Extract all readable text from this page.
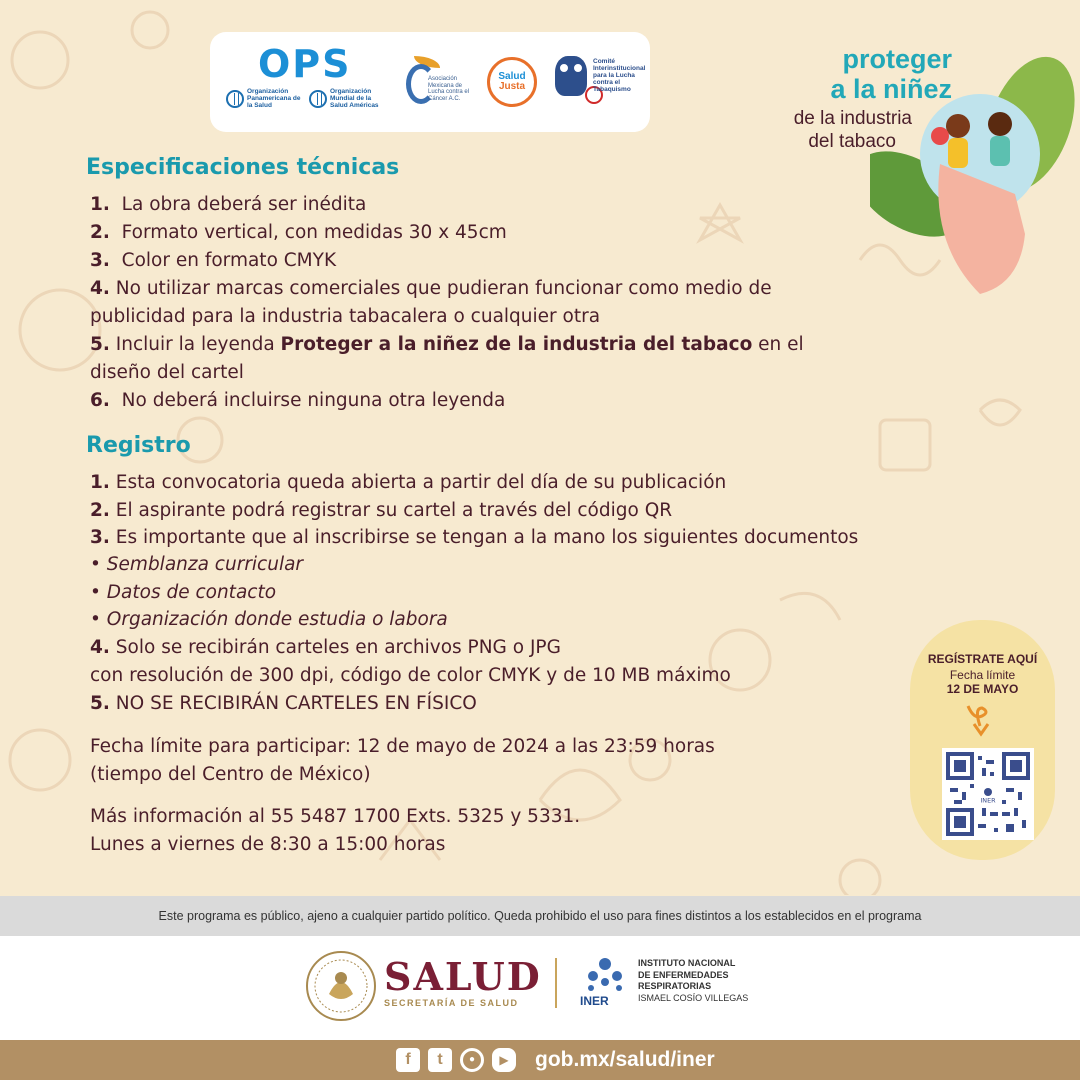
OPS
Organización Panamericana de la Salud
Organización Mundial de la Salud Américas
Asociación Mexicana de Lucha contra el Cáncer A.C.
Salud
Justa
Comité Interinstitucional para la Lucha contra el Tabaquismo
proteger
a la niñez
de la industria
del tabaco
Especificaciones técnicas
1. La obra deberá ser inédita
2. Formato vertical, con medidas 30 x 45cm
3. Color en formato CMYK
4. No utilizar marcas comerciales que pudieran funcionar como medio de
publicidad para la industria tabacalera o cualquier otra
5. Incluir la leyenda Proteger a la niñez de la industria del tabaco en el
diseño del cartel
6. No deberá incluirse ninguna otra leyenda
Registro
1. Esta convocatoria queda abierta a partir del día de su publicación
2. El aspirante podrá registrar su cartel a través del código QR
3. Es importante que al inscribirse se tengan a la mano los siguientes documentos
• Semblanza curricular
• Datos de contacto
• Organización donde estudia o labora
4. Solo se recibirán carteles en archivos PNG o JPG
con resolución de 300 dpi, código de color CMYK y de 10 MB máximo
5. NO SE RECIBIRÁN CARTELES EN FÍSICO
Fecha límite para participar: 12 de mayo de 2024 a las 23:59 horas
(tiempo del Centro de México)
Más información al 55 5487 1700 Exts. 5325 y 5331.
Lunes a viernes de 8:30 a 15:00 horas
REGÍSTRATE AQUÍ
Fecha límite
12 DE MAYO
INER
Este programa es público, ajeno a cualquier partido político. Queda prohibido el uso para fines distintos a los establecidos en el programa
SALUD
SECRETARÍA DE SALUD	INER
INSTITUTO NACIONAL
DE ENFERMEDADES
RESPIRATORIAS
ISMAEL COSÍO VILLEGAS
f	t	●	▶	gob.mx/salud/iner
